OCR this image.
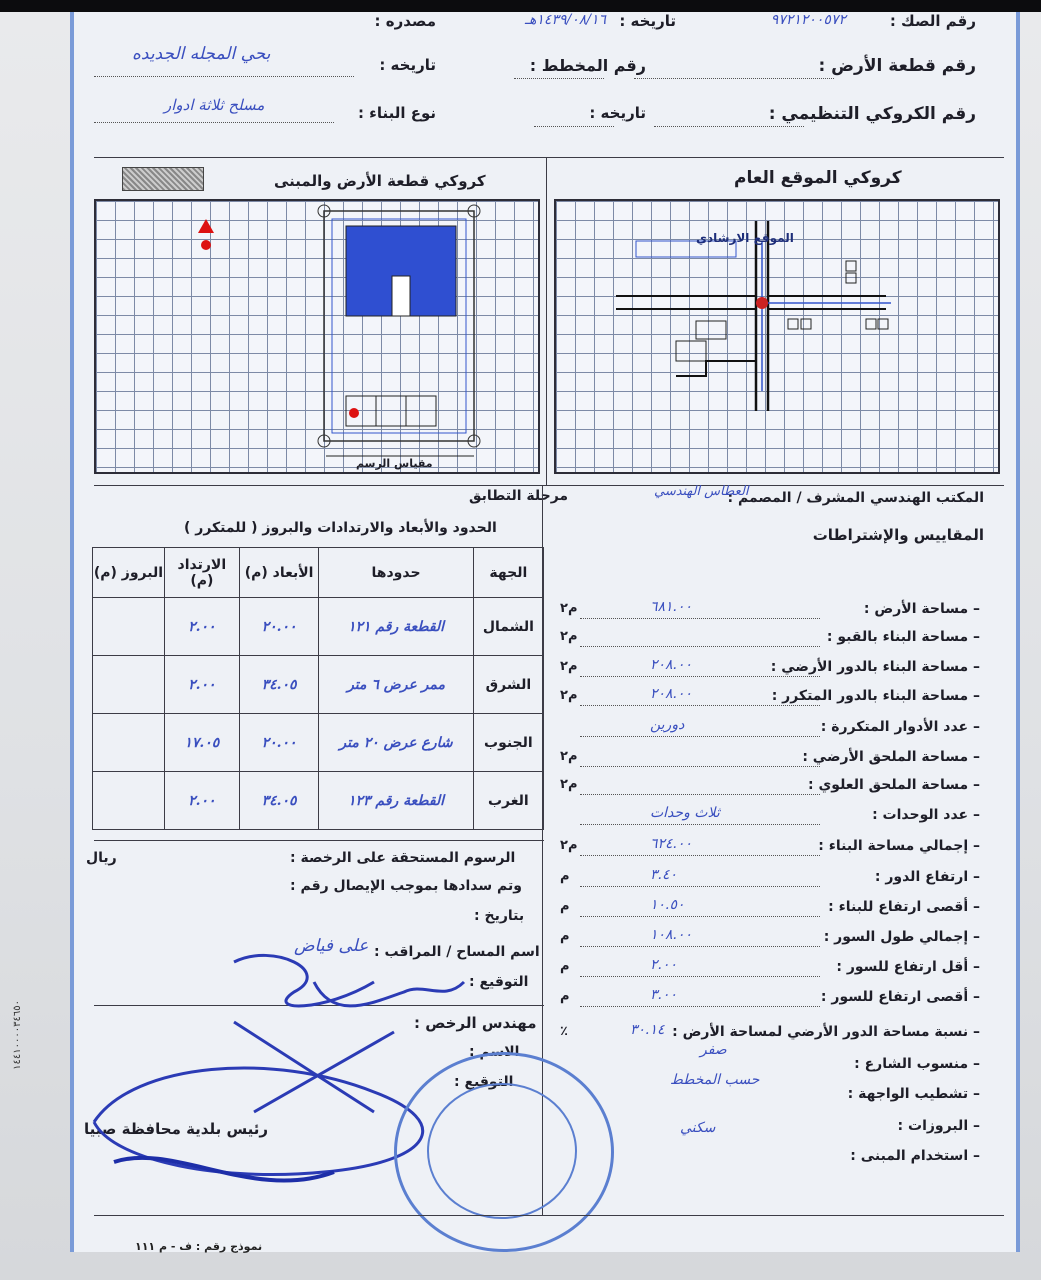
رقم الصك :
٩٧٢١٢٠٠٥٧٢
تاريخه :
١٤٣٩/٠٨/١٦هـ
مصدره :
رقم قطعة الأرض :
رقم المخطط :
تاريخه :
بحي المجله الجديده
رقم الكروكي التنظيمي :
تاريخه :
نوع البناء :
مسلح ثلاثة ادوار
كروكي الموقع العام
كروكي قطعة الأرض والمبنى
الموقع الارشادي
مقياس الرسم
المكتب الهندسي المشرف / المصمم :
العطاس الهندسي
مرحلة التطابق
المقاييس والإشتراطات
الحدود والأبعاد والارتدادات والبروز ( للمتكرر )
الجهة	حدودها	الأبعاد (م)	الارتداد (م)	البروز (م)
الشمال	القطعة رقم ١٢١	٢٠.٠٠	٢.٠٠	
الشرق	ممر عرض ٦ متر	٣٤.٠٥	٢.٠٠	
الجنوب	شارع عرض ٢٠ متر	٢٠.٠٠	١٧.٠٥	
الغرب	القطعة رقم ١٢٣	٣٤.٠٥	٢.٠٠	
الرسوم المستحقة على الرخصة :
ريال
وتم سدادها بموجب الإيصال رقم :
بتاريخ :
اسم المساح / المراقب :
على فياض
التوقيع :
مهندس الرخص :
الاسم :
التوقيع :
رئيس بلدية محافظة صبيا
– مساحة الأرض :
٦٨١.٠٠
م٢
– مساحة البناء بالقبو :
م٢
– مساحة البناء بالدور الأرضي :
٢٠٨.٠٠
م٢
– مساحة البناء بالدور المتكرر :
٢٠٨.٠٠
م٢
– عدد الأدوار المتكررة :
دورين
– مساحة الملحق الأرضي :
م٢
– مساحة الملحق العلوي :
م٢
– عدد الوحدات :
ثلاث وحدات
– إجمالي مساحة البناء :
٦٢٤.٠٠
م٢
– ارتفاع الدور :
٣.٤٠
م
– أقصى ارتفاع للبناء :
١٠.٥٠
م
– إجمالي طول السور :
١٠٨.٠٠
م
– أقل ارتفاع للسور :
٢.٠٠
م
– أقصى ارتفاع للسور :
٣.٠٠
م
– نسبة مساحة الدور الأرضي لمساحة الأرض :
٣٠.١٤
٪
– منسوب الشارع :
صفر
– تشطيب الواجهة :
حسب المخطط
– البروزات :
– استخدام المبنى :
سكني
نموذج رقم : ف - م ١١١
١٤٤١٠٠٠٠٣٤٦٥٠
